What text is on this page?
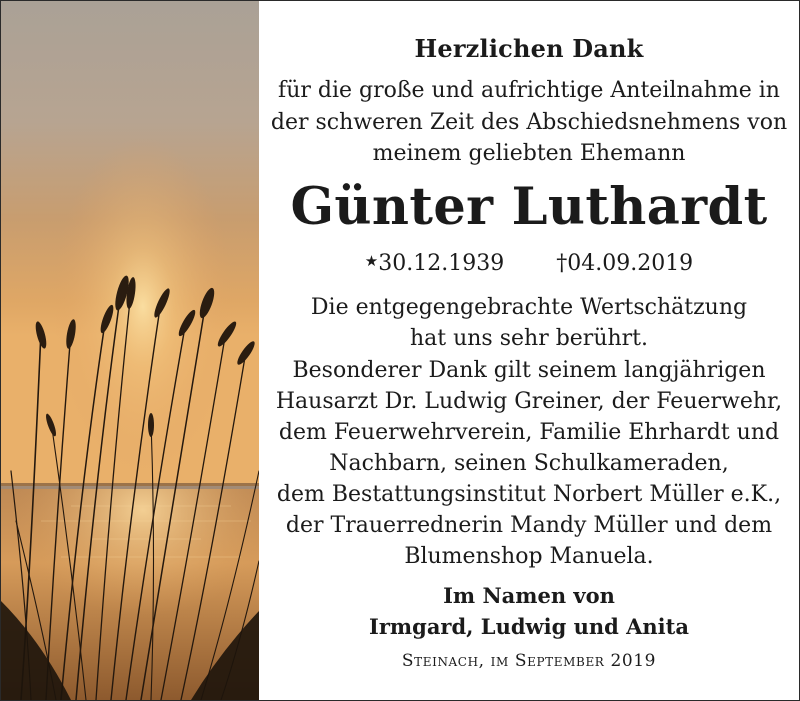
Herzlichen Dank
für die große und aufrichtige Anteilnahme in
der schweren Zeit des Abschiedsnehmens von
meinem geliebten Ehemann
Günter Luthardt
★30.12.1939 †04.09.2019
Die entgegengebrachte Wertschätzung
hat uns sehr berührt.
Besonderer Dank gilt seinem langjährigen
Hausarzt Dr. Ludwig Greiner, der Feuerwehr,
dem Feuerwehrverein, Familie Ehrhardt und
Nachbarn, seinen Schulkameraden,
dem Bestattungsinstitut Norbert Müller e.K.,
der Trauerrednerin Mandy Müller und dem
Blumenshop Manuela.
Im Namen von
Irmgard, Ludwig und Anita
Steinach, im September 2019
